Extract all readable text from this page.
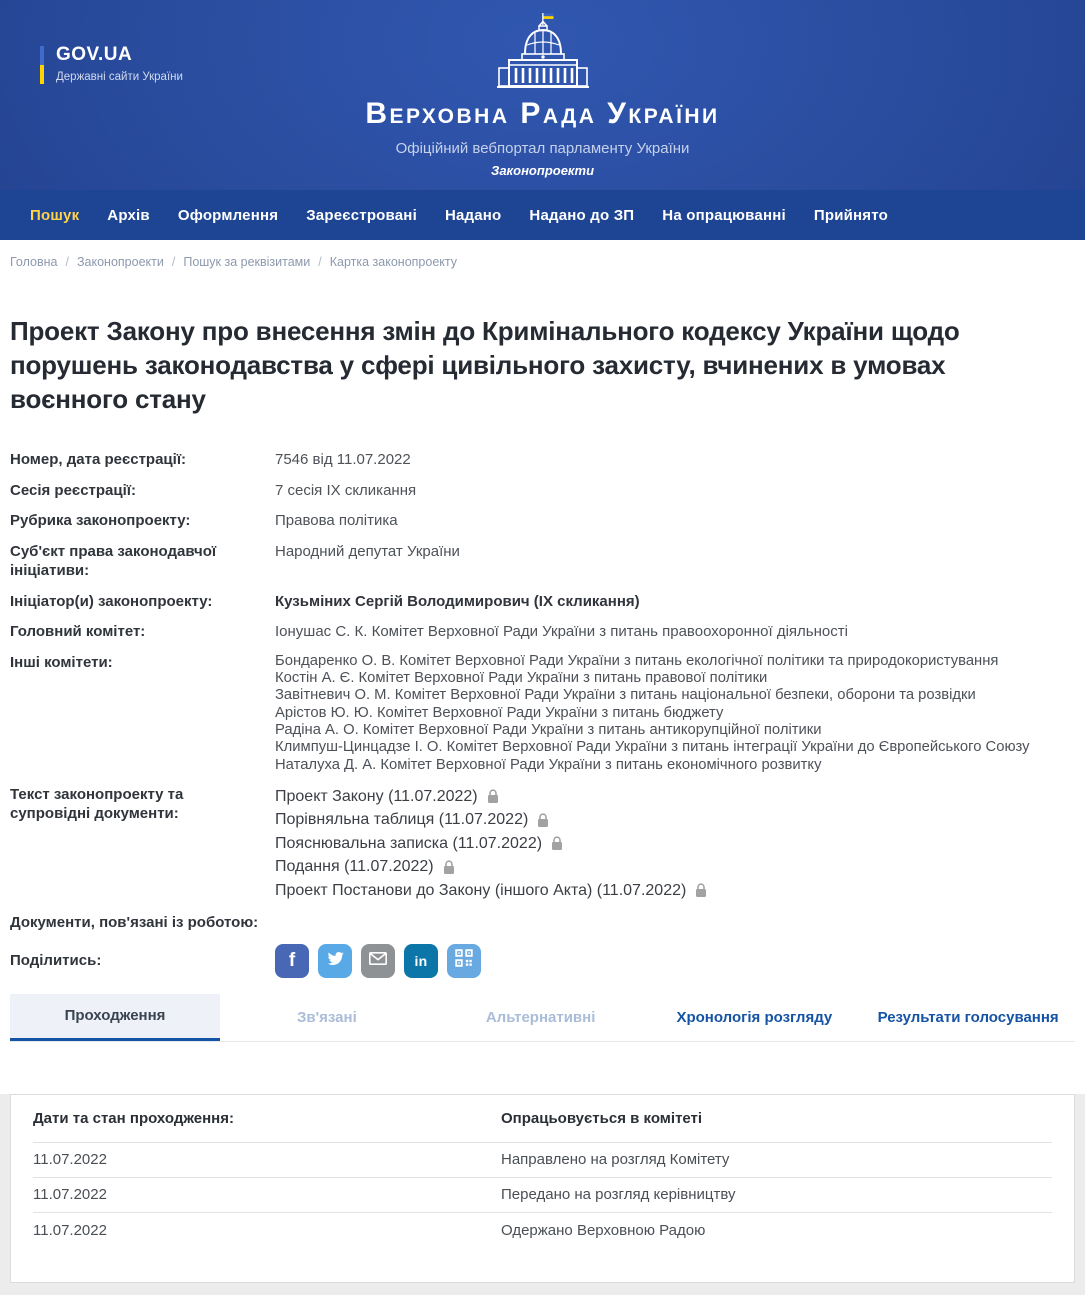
GOV.UA
Державні сайти України
Верховна Рада України
Офіційний вебпортал парламенту України
Законопроекти
Пошук	Архів	Оформлення	Зареєстровані	Надано	Надано до ЗП	На опрацюванні	Прийнято
Головна / Законопроекти / Пошук за реквізитами / Картка законопроекту
Проект Закону про внесення змін до Кримінального кодексу України щодо порушень законодавства у сфері цивільного захисту, вчинених в умовах воєнного стану
Номер, дата реєстрації:	7546 від 11.07.2022
Сесія реєстрації:	7 сесія IX скликання
Рубрика законопроекту:	Правова політика
Суб'єкт права законодавчої ініціативи:
Народний депутат України
Ініціатор(и) законопроекту:	Кузьміних Сергій Володимирович (ІХ скликання)
Головний комітет:	Іонушас С. К. Комітет Верховної Ради України з питань правоохоронної діяльності
Інші комітети:	Бондаренко О. В. Комітет Верховної Ради України з питань екологічної політики та природокористування
Костін А. Є. Комітет Верховної Ради України з питань правової політики
Завітневич О. М. Комітет Верховної Ради України з питань національної безпеки, оборони та розвідки
Арістов Ю. Ю. Комітет Верховної Ради України з питань бюджету
Радіна А. О. Комітет Верховної Ради України з питань антикорупційної політики
Климпуш-Цинцадзе І. О. Комітет Верховної Ради України з питань інтеграції України до Європейського Союзу
Наталуха Д. А. Комітет Верховної Ради України з питань економічного розвитку
Текст законопроекту та супровідні документи:
Проект Закону (11.07.2022)
Порівняльна таблиця (11.07.2022)
Пояснювальна записка (11.07.2022)
Подання (11.07.2022)
Проект Постанови до Закону (іншого Акта) (11.07.2022)
Документи, пов'язані із роботою:
Поділитись:	f	in
Проходження	Зв'язані	Альтернативні	Хронологія розгляду	Результати голосування
Дати та стан проходження:	Опрацьовується в комітеті
11.07.2022	Направлено на розгляд Комітету
11.07.2022	Передано на розгляд керівництву
11.07.2022	Одержано Верховною Радою
